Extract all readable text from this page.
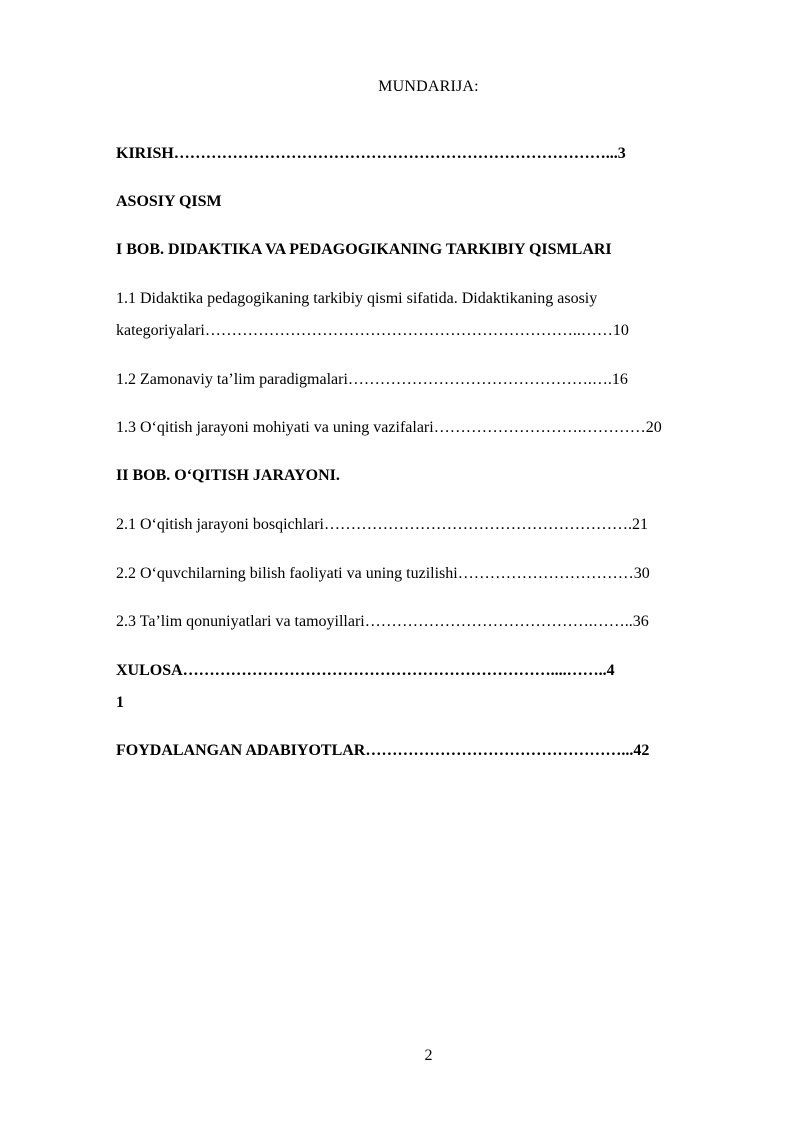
MUNDARIJA:
KIRISH………………………………………………………………………...3
ASOSIY QISM
I BOB. DIDAKTIKA VA PEDAGOGIKANING TARKIBIY QISMLARI
1.1 Didaktika pedagogikaning tarkibiy qismi sifatida. Didaktikaning asosiy
kategoriyalari……………………………………………………………..……10
1.2 Zamonaviy ta’lim paradigmalari……………………………………….….16
1.3 O‘qitish jarayoni mohiyati va uning vazifalari……………………….…………20
II BOB. O‘QITISH JARAYONI.
2.1 O‘qitish jarayoni bosqichlari………………………………………………….21
2.2 O‘quvchilarning bilish faoliyati va uning tuzilishi……………………………30
2.3 Ta’lim qonuniyatlari va tamoyillari…………………………………….……..36
XULOSA……………………………………………………………....……..4
1
FOYDALANGAN ADABIYOTLAR…………………………………………...42
2
